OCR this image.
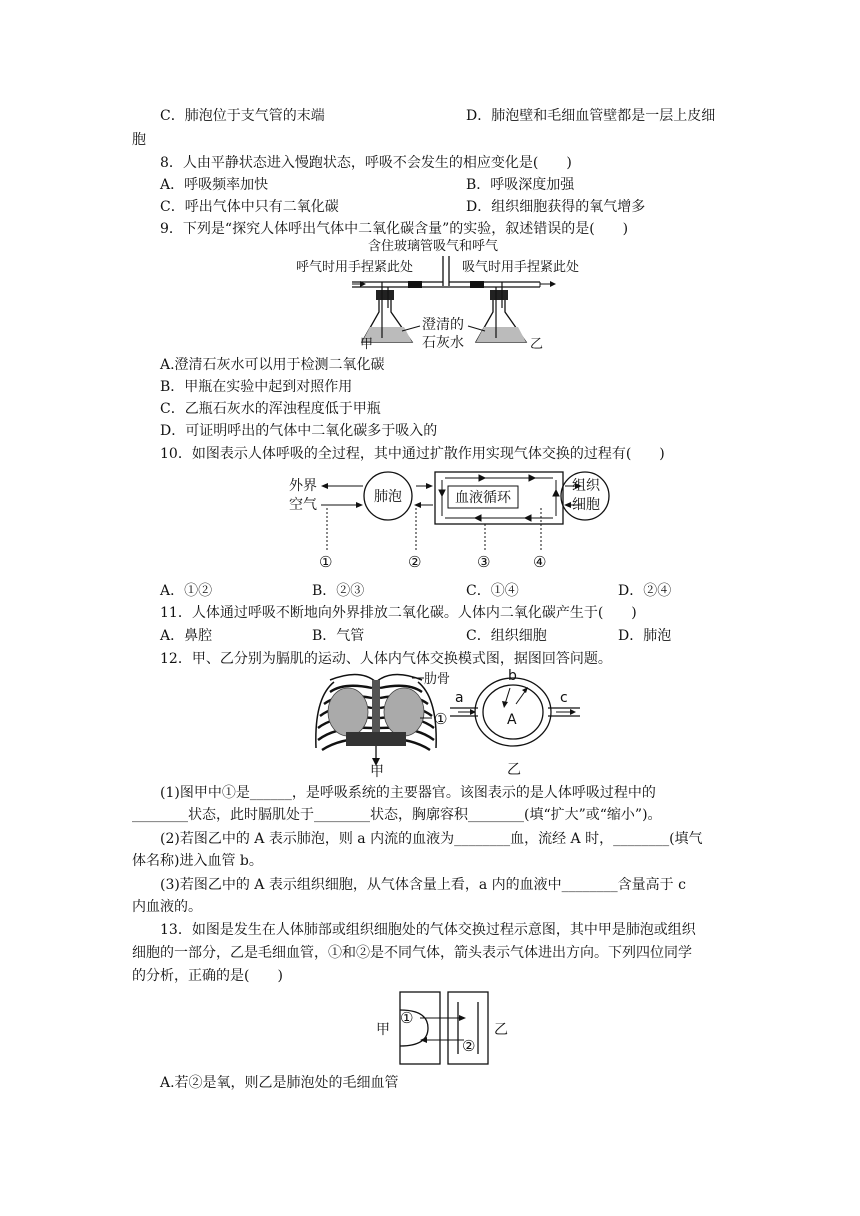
C．肺泡位于支气管的末端	D．肺泡壁和毛细血管壁都是一层上皮细
胞
8．人由平静状态进入慢跑状态，呼吸不会发生的相应变化是(　　)
A．呼吸频率加快	B．呼吸深度加强
C．呼出气体中只有二氧化碳	D．组织细胞获得的氧气增多
9．下列是“探究人体呼出气体中二氧化碳含量”的实验，叙述错误的是(　　)
含住玻璃管吸气和呼气
呼气时用手捏紧此处	吸气时用手捏紧此处
澄清的
石灰水
甲	乙
A.澄清石灰水可以用于检测二氧化碳
B．甲瓶在实验中起到对照作用
C．乙瓶石灰水的浑浊程度低于甲瓶
D．可证明呼出的气体中二氧化碳多于吸入的
10．如图表示人体呼吸的全过程，其中通过扩散作用实现气体交换的过程有(　　)
外界
空气	肺泡	血液循环
组织
细胞
①	②	③	④
A．①②	B．②③	C．①④	D．②④
11．人体通过呼吸不断地向外界排放二氧化碳。人体内二氧化碳产生于(　　)
A．鼻腔	B．气管	C．组织细胞	D．肺泡
12．甲、乙分别为膈肌的运动、人体内气体交换模式图，据图回答问题。
肋骨
①
甲
a
b
c
A
乙
(1)图甲中①是______，是呼吸系统的主要器官。该图表示的是人体呼吸过程中的
________状态，此时膈肌处于________状态，胸廓容积________(填“扩大”或“缩小”)。
(2)若图乙中的 A 表示肺泡，则 a 内流的血液为________血，流经 A 时，________(填气
体名称)进入血管 b。
(3)若图乙中的 A 表示组织细胞，从气体含量上看，a 内的血液中________含量高于 c
内血液的。
13．如图是发生在人体肺部或组织细胞处的气体交换过程示意图，其中甲是肺泡或组织
细胞的一部分，乙是毛细血管，①和②是不同气体，箭头表示气体进出方向。下列四位同学
的分析，正确的是(　　)
甲
①
②
乙
A.若②是氧，则乙是肺泡处的毛细血管
